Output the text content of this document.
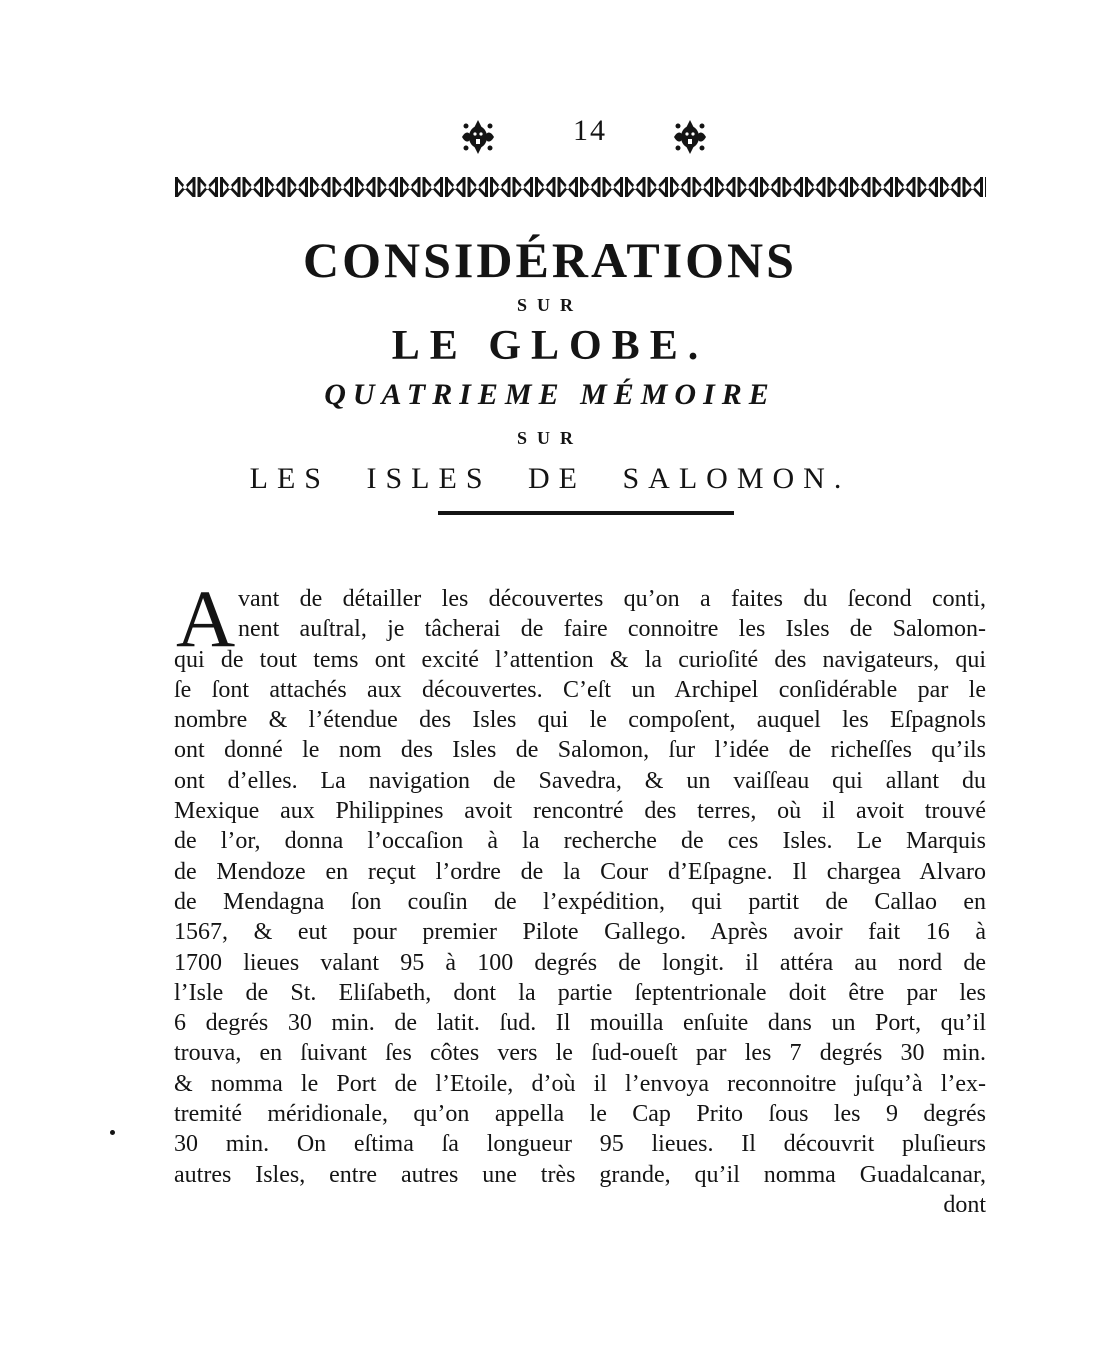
14
CONSIDÉRATIONS
SUR
LE GLOBE.
QUATRIEME MÉMOIRE
SUR
LES ISLES DE SALOMON.
A vant de détailler les découvertes qu’on a faites du ſecond conti,
nent auſtral, je tâcherai de faire connoitre les Isles de Salomon-
qui de tout tems ont excité l’attention & la curioſité des navigateurs, qui
ſe ſont attachés aux découvertes. C’eſt un Archipel conſidérable par le
nombre & l’étendue des Isles qui le compoſent, auquel les Eſpagnols
ont donné le nom des Isles de Salomon, ſur l’idée de richeſſes qu’ils
ont d’elles. La navigation de Savedra, & un vaiſſeau qui allant du
Mexique aux Philippines avoit rencontré des terres, où il avoit trouvé
de l’or, donna l’occaſion à la recherche de ces Isles. Le Marquis
de Mendoze en reçut l’ordre de la Cour d’Eſpagne. Il chargea Alvaro
de Mendagna ſon couſin de l’expédition, qui partit de Callao en
1567, & eut pour premier Pilote Gallego. Après avoir fait 16 à
1700 lieues valant 95 à 100 degrés de longit. il attéra au nord de
l’Isle de St. Eliſabeth, dont la partie ſeptentrionale doit être par les
6 degrés 30 min. de latit. ſud. Il mouilla enſuite dans un Port, qu’il
trouva, en ſuivant ſes côtes vers le ſud-oueſt par les 7 degrés 30 min.
& nomma le Port de l’Etoile, d’où il l’envoya reconnoitre juſqu’à l’ex-
tremité méridionale, qu’on appella le Cap Prito ſous les 9 degrés
30 min. On eſtima ſa longueur 95 lieues. Il découvrit pluſieurs
autres Isles, entre autres une très grande, qu’il nomma Guadalcanar,
dont
